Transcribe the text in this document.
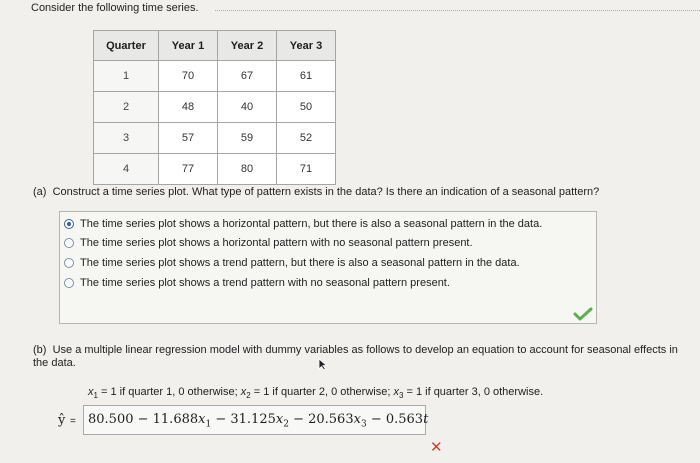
Consider the following time series.
Quarter	Year 1	Year 2	Year 3
1	70	67	61
2	48	40	50
3	57	59	52
4	77	80	71
(a) Construct a time series plot. What type of pattern exists in the data? Is there an indication of a seasonal pattern?
The time series plot shows a horizontal pattern, but there is also a seasonal pattern in the data.
The time series plot shows a horizontal pattern with no seasonal pattern present.
The time series plot shows a trend pattern, but there is also a seasonal pattern in the data.
The time series plot shows a trend pattern with no seasonal pattern present.
(b) Use a multiple linear regression model with dummy variables as follows to develop an equation to account for seasonal effects in the data.
$x_1 = 1$ if quarter 1, 0 otherwise; $x_2 = 1$ if quarter 2, 0 otherwise; $x_3 = 1$ if quarter 3, 0 otherwise.
ŷ = $80.500 - 11.688x_1 - 31.125x_2 - 20.563x_3 - 0.563t$
✕
